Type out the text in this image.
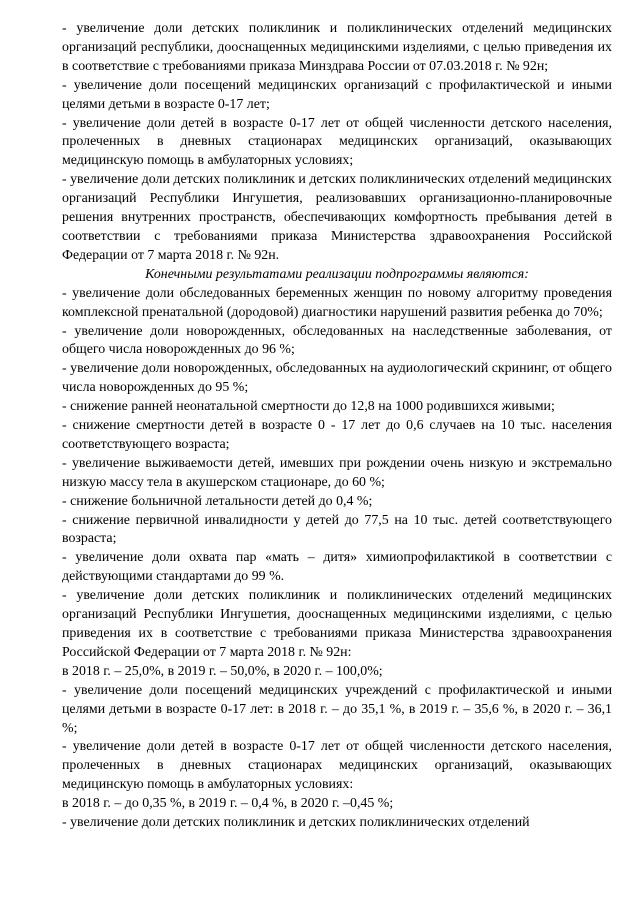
- увеличение доли детских поликлиник и поликлинических отделений медицинских организаций республики, дооснащенных медицинскими изделиями, с целью приведения их в соответствие с требованиями приказа Минздрава России от 07.03.2018 г. № 92н;

- увеличение доли посещений медицинских организаций с профилактической и иными целями детьми в возрасте 0-17 лет;

- увеличение доли детей в возрасте 0-17 лет от общей численности детского населения, пролеченных в дневных стационарах медицинских организаций, оказывающих медицинскую помощь в амбулаторных условиях;

- увеличение доли детских поликлиник и детских поликлинических отделений медицинских организаций Республики Ингушетия, реализовавших организационно-планировочные решения внутренних пространств, обеспечивающих комфортность пребывания детей в соответствии с требованиями приказа Министерства здравоохранения Российской Федерации от 7 марта 2018 г. № 92н.

Конечными результатами реализации подпрограммы являются:

- увеличение доли обследованных беременных женщин по новому алгоритму проведения комплексной пренатальной (дородовой) диагностики нарушений развития ребенка до 70%;

- увеличение доли новорожденных, обследованных на наследственные заболевания, от общего числа новорожденных до 96 %;

- увеличение доли новорожденных, обследованных на аудиологический скрининг, от общего числа новорожденных до 95 %;

- снижение ранней неонатальной смертности до 12,8 на 1000 родившихся живыми;

- снижение смертности детей в возрасте 0 - 17 лет до 0,6 случаев на 10 тыс. населения соответствующего возраста;

- увеличение выживаемости детей, имевших при рождении очень низкую и экстремально низкую массу тела в акушерском стационаре, до 60 %;

- снижение больничной летальности детей до 0,4 %;

- снижение первичной инвалидности у детей до 77,5 на 10 тыс. детей соответствующего возраста;

- увеличение доли охвата пар «мать – дитя» химиопрофилактикой в соответствии с действующими стандартами до 99 %.

- увеличение доли детских поликлиник и поликлинических отделений медицинских организаций Республики Ингушетия, дооснащенных медицинскими изделиями, с целью приведения их в соответствие с требованиями приказа Министерства здравоохранения Российской Федерации от 7 марта 2018 г. № 92н:

в 2018 г. – 25,0%, в 2019 г. – 50,0%, в 2020 г. – 100,0%;

- увеличение доли посещений медицинских учреждений с профилактической и иными целями детьми в возрасте 0-17 лет: в 2018 г. – до 35,1 %, в 2019 г. – 35,6 %, в 2020 г. – 36,1 %;

- увеличение доли детей в возрасте 0-17 лет от общей численности детского населения, пролеченных в дневных стационарах медицинских организаций, оказывающих медицинскую помощь в амбулаторных условиях:

в 2018 г. – до 0,35 %, в 2019 г. – 0,4 %, в 2020 г. –0,45 %;

- увеличение доли детских поликлиник и детских поликлинических отделений
